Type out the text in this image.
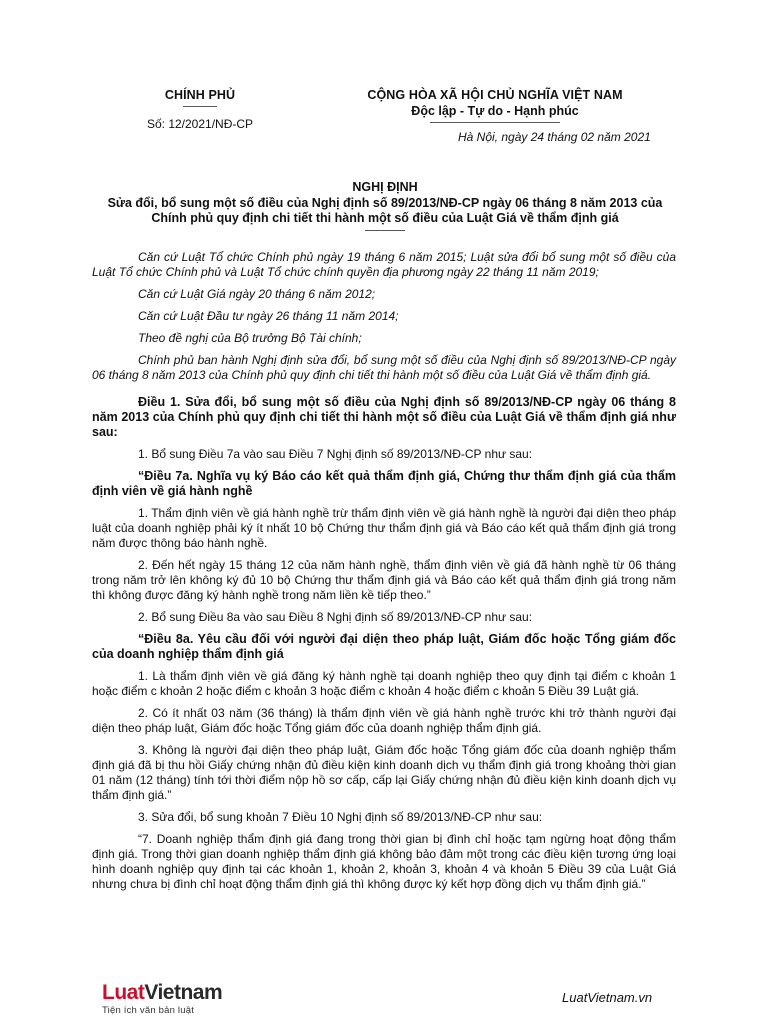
CHÍNH PHỦ
Số: 12/2021/NĐ-CP
CỘNG HÒA XÃ HỘI CHỦ NGHĨA VIỆT NAM
Độc lập - Tự do - Hạnh phúc
Hà Nội, ngày 24 tháng 02 năm 2021
NGHỊ ĐỊNH
Sửa đổi, bổ sung một số điều của Nghị định số 89/2013/NĐ-CP ngày 06 tháng 8 năm 2013 của Chính phủ quy định chi tiết thi hành một số điều của Luật Giá về thẩm định giá

Căn cứ Luật Tổ chức Chính phủ ngày 19 tháng 6 năm 2015; Luật sửa đổi bổ sung một số điều của Luật Tổ chức Chính phủ và Luật Tổ chức chính quyền địa phương ngày 22 tháng 11 năm 2019;

Căn cứ Luật Giá ngày 20 tháng 6 năm 2012;

Căn cứ Luật Đầu tư ngày 26 tháng 11 năm 2014;

Theo đề nghị của Bộ trưởng Bộ Tài chính;

Chính phủ ban hành Nghị định sửa đổi, bổ sung một số điều của Nghị định số 89/2013/NĐ-CP ngày 06 tháng 8 năm 2013 của Chính phủ quy định chi tiết thi hành một số điều của Luật Giá về thẩm định giá.

Điều 1. Sửa đổi, bổ sung một số điều của Nghị định số 89/2013/NĐ-CP ngày 06 tháng 8 năm 2013 của Chính phủ quy định chi tiết thi hành một số điều của Luật Giá về thẩm định giá như sau:

1. Bổ sung Điều 7a vào sau Điều 7 Nghị định số 89/2013/NĐ-CP như sau:

“Điều 7a. Nghĩa vụ ký Báo cáo kết quả thẩm định giá, Chứng thư thẩm định giá của thẩm định viên về giá hành nghề

1. Thẩm định viên về giá hành nghề trừ thẩm định viên về giá hành nghề là người đại diện theo pháp luật của doanh nghiệp phải ký ít nhất 10 bộ Chứng thư thẩm định giá và Báo cáo kết quả thẩm định giá trong năm được thông báo hành nghề.

2. Đến hết ngày 15 tháng 12 của năm hành nghề, thẩm định viên về giá đã hành nghề từ 06 tháng trong năm trở lên không ký đủ 10 bộ Chứng thư thẩm định giá và Báo cáo kết quả thẩm định giá trong năm thì không được đăng ký hành nghề trong năm liền kề tiếp theo.”

2. Bổ sung Điều 8a vào sau Điều 8 Nghị định số 89/2013/NĐ-CP như sau:

“Điều 8a. Yêu cầu đối với người đại diện theo pháp luật, Giám đốc hoặc Tổng giám đốc của doanh nghiệp thẩm định giá

1. Là thẩm định viên về giá đăng ký hành nghề tại doanh nghiệp theo quy định tại điểm c khoản 1 hoặc điểm c khoản 2 hoặc điểm c khoản 3 hoặc điểm c khoản 4 hoặc điểm c khoản 5 Điều 39 Luật giá.

2. Có ít nhất 03 năm (36 tháng) là thẩm định viên về giá hành nghề trước khi trở thành người đại diện theo pháp luật, Giám đốc hoặc Tổng giám đốc của doanh nghiệp thẩm định giá.

3. Không là người đại diện theo pháp luật, Giám đốc hoặc Tổng giám đốc của doanh nghiệp thẩm định giá đã bị thu hồi Giấy chứng nhận đủ điều kiện kinh doanh dịch vụ thẩm định giá trong khoảng thời gian 01 năm (12 tháng) tính tới thời điểm nộp hồ sơ cấp, cấp lại Giấy chứng nhận đủ điều kiện kinh doanh dịch vụ thẩm định giá.”

3. Sửa đổi, bổ sung khoản 7 Điều 10 Nghị định số 89/2013/NĐ-CP như sau:

“7. Doanh nghiệp thẩm định giá đang trong thời gian bị đình chỉ hoặc tạm ngừng hoạt động thẩm định giá. Trong thời gian doanh nghiệp thẩm định giá không bảo đảm một trong các điều kiện tương ứng loại hình doanh nghiệp quy định tại các khoản 1, khoản 2, khoản 3, khoản 4 và khoản 5 Điều 39 của Luật Giá nhưng chưa bị đình chỉ hoạt động thẩm định giá thì không được ký kết hợp đồng dịch vụ thẩm định giá.”

LuatVietnam
Tiện ích văn bản luật
LuatVietnam.vn
